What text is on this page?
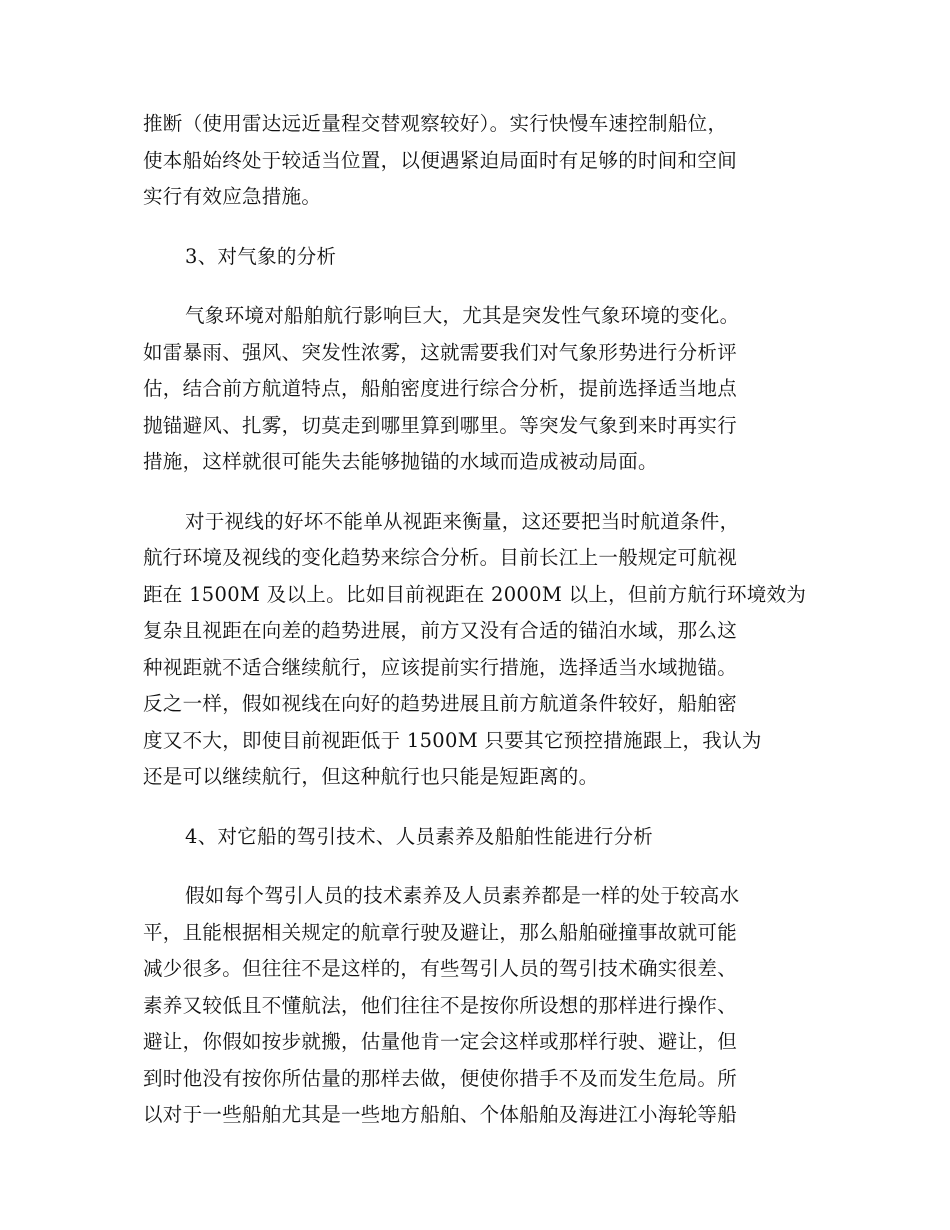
推断（使用雷达远近量程交替观察较好）。实行快慢车速控制船位，
使本船始终处于较适当位置，以便遇紧迫局面时有足够的时间和空间
实行有效应急措施。

3、对气象的分析

气象环境对船舶航行影响巨大，尤其是突发性气象环境的变化。
如雷暴雨、强风、突发性浓雾，这就需要我们对气象形势进行分析评
估，结合前方航道特点，船舶密度进行综合分析，提前选择适当地点
抛锚避风、扎雾，切莫走到哪里算到哪里。等突发气象到来时再实行
措施，这样就很可能失去能够抛锚的水域而造成被动局面。

对于视线的好坏不能单从视距来衡量，这还要把当时航道条件，
航行环境及视线的变化趋势来综合分析。目前长江上一般规定可航视
距在 1500M 及以上。比如目前视距在 2000M 以上，但前方航行环境效为
复杂且视距在向差的趋势进展，前方又没有合适的锚泊水域，那么这
种视距就不适合继续航行，应该提前实行措施，选择适当水域抛锚。
反之一样，假如视线在向好的趋势进展且前方航道条件较好，船舶密
度又不大，即使目前视距低于 1500M 只要其它预控措施跟上，我认为
还是可以继续航行，但这种航行也只能是短距离的。

4、对它船的驾引技术、人员素养及船舶性能进行分析

假如每个驾引人员的技术素养及人员素养都是一样的处于较高水
平，且能根据相关规定的航章行驶及避让，那么船舶碰撞事故就可能
减少很多。但往往不是这样的，有些驾引人员的驾引技术确实很差、
素养又较低且不懂航法，他们往往不是按你所设想的那样进行操作、
避让，你假如按步就搬，估量他肯一定会这样或那样行驶、避让，但
到时他没有按你所估量的那样去做，便使你措手不及而发生危局。所
以对于一些船舶尤其是一些地方船舶、个体船舶及海进江小海轮等船
